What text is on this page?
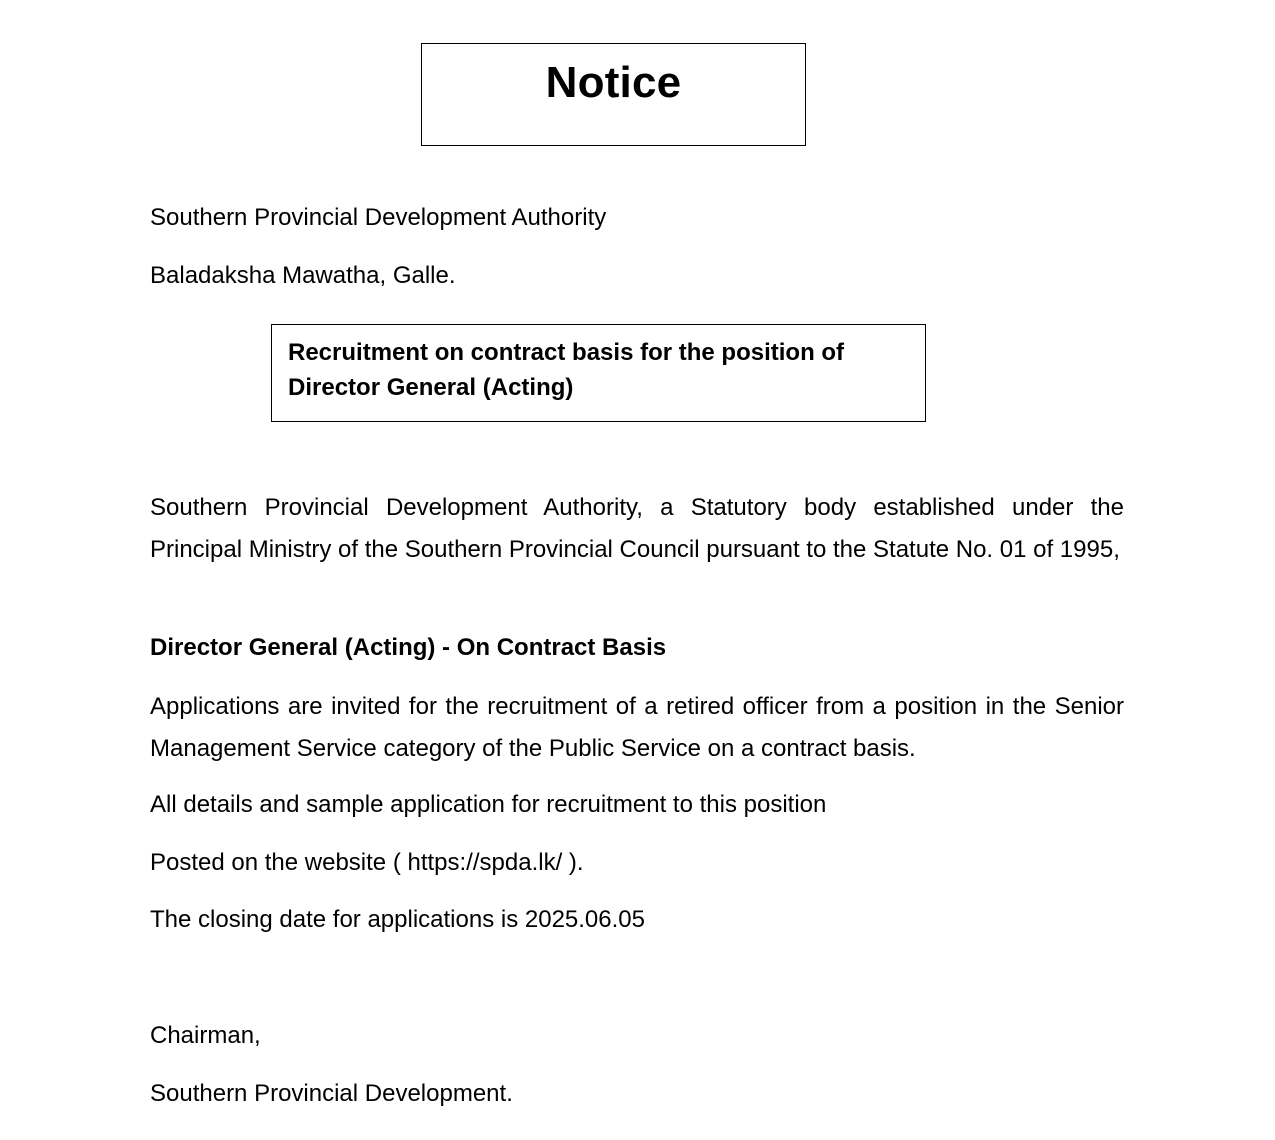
Notice
Southern Provincial Development Authority
Baladaksha Mawatha, Galle.
Recruitment on contract basis for the position of
Director General (Acting)
Southern Provincial Development Authority, a Statutory body established under the Principal Ministry of the Southern Provincial Council pursuant to the Statute No. 01 of 1995,
Director General (Acting) - On Contract Basis
Applications are invited for the recruitment of a retired officer from a position in the Senior Management Service category of the Public Service on a contract basis.
All details and sample application for recruitment to this position
Posted on the website ( https://spda.lk/ ).
The closing date for applications is 2025.06.05
Chairman,
Southern Provincial Development.
